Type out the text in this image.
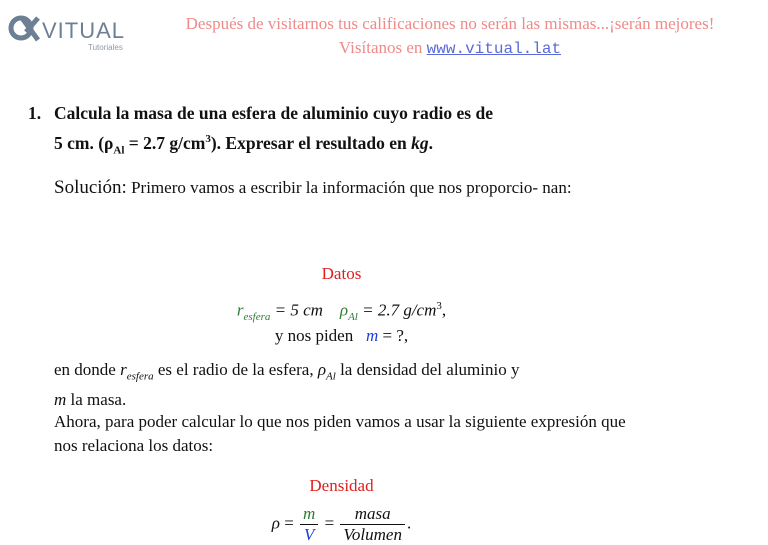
VITUAL
Tutoriales
Después de visitarnos tus calificaciones no serán las mismas...¡serán mejores!
Visítanos en www.vitual.lat
1. Calcula la masa de una esfera de aluminio cuyo radio es de
5 cm. ($\rho_{Al} = 2.7$ $g/cm^3$). Expresar el resultado en kg.
Solución: Primero vamos a escribir la información que nos proporcio- nan:
Datos
$r_{esfera} = 5$ cm $\rho_{Al} = 2.7$ $g/cm^3$,
y nos piden m = ?,
en donde $r_{esfera}$ es el radio de la esfera, $\rho_{Al}$ la densidad del aluminio y
m la masa.
Ahora, para poder calcular lo que nos piden vamos a usar la siguiente expresión que nos relaciona los datos:
Densidad
$\rho = \frac{m}{V} = \frac{\text{masa}}{\text{Volumen}}$ .
